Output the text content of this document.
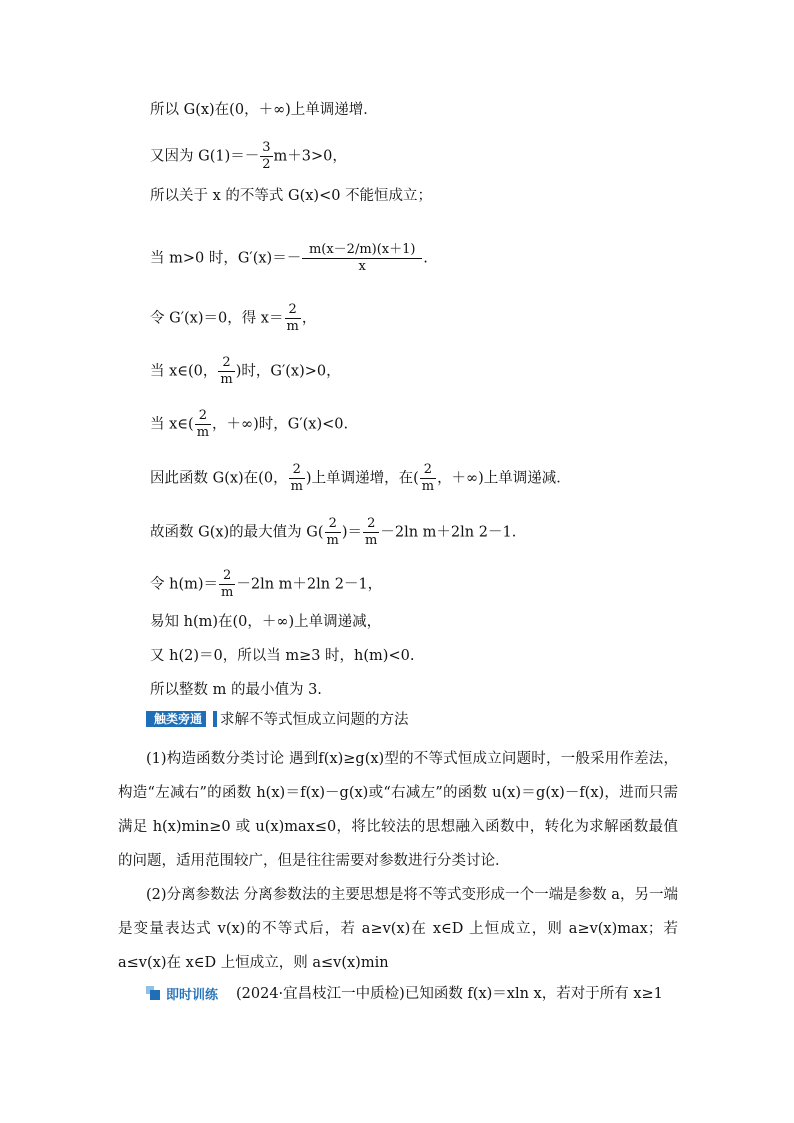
所以 G(x)在(0，＋∞)上单调递增．
又因为 $G(1)=- \frac{3}{2} m+3>0$，
所以关于 x 的不等式 G(x)<0 不能恒成立；
当 m>0 时，$G'(x)=- \frac{m(x-2/m)(x+1)}{x}$ .
令 G′(x)＝0，得 $x= \frac{2}{m}$ ，
当 x∈(0， $\frac{2}{m}$ )时，G′(x)>0，
当 x∈( $\frac{2}{m}$ ，＋∞)时，G′(x)<0.
因此函数 G(x)在(0， $\frac{2}{m}$ )上单调递增，在( $\frac{2}{m}$ ，＋∞)上单调递减．
故函数 G(x)的最大值为 $G( \frac{2}{m}$ )＝ $\frac{2}{m} -2\ln$ m＋2ln 2－1.
令 $h(m)= \frac{2}{m} -2\ln$ m＋2ln 2－1，
易知 h(m)在(0，＋∞)上单调递减，
又 h(2)＝0，所以当 m≥3 时，h(m)<0.
所以整数 m 的最小值为 3.
触类旁通 求解不等式恒成立问题的方法
(1)构造函数分类讨论 遇到f(x)≥g(x)型的不等式恒成立问题时，一般采用作差法，构造“左减右”的函数 h(x)＝f(x)－g(x)或“右减左”的函数 u(x)＝g(x)－f(x)，进而只需满足 h(x)min≥0 或 u(x)max≤0，将比较法的思想融入函数中，转化为求解函数最值的问题，适用范围较广，但是往往需要对参数进行分类讨论．
(2)分离参数法 分离参数法的主要思想是将不等式变形成一个一端是参数 a，另一端是变量表达式 v(x)的不等式后，若 a≥v(x)在 x∈D 上恒成立，则 a≥v(x)max；若 a≤v(x)在 x∈D 上恒成立，则 a≤v(x)min
即时训练 (2024·宜昌枝江一中质检)已知函数 f(x)＝xln x，若对于所有 x≥1
